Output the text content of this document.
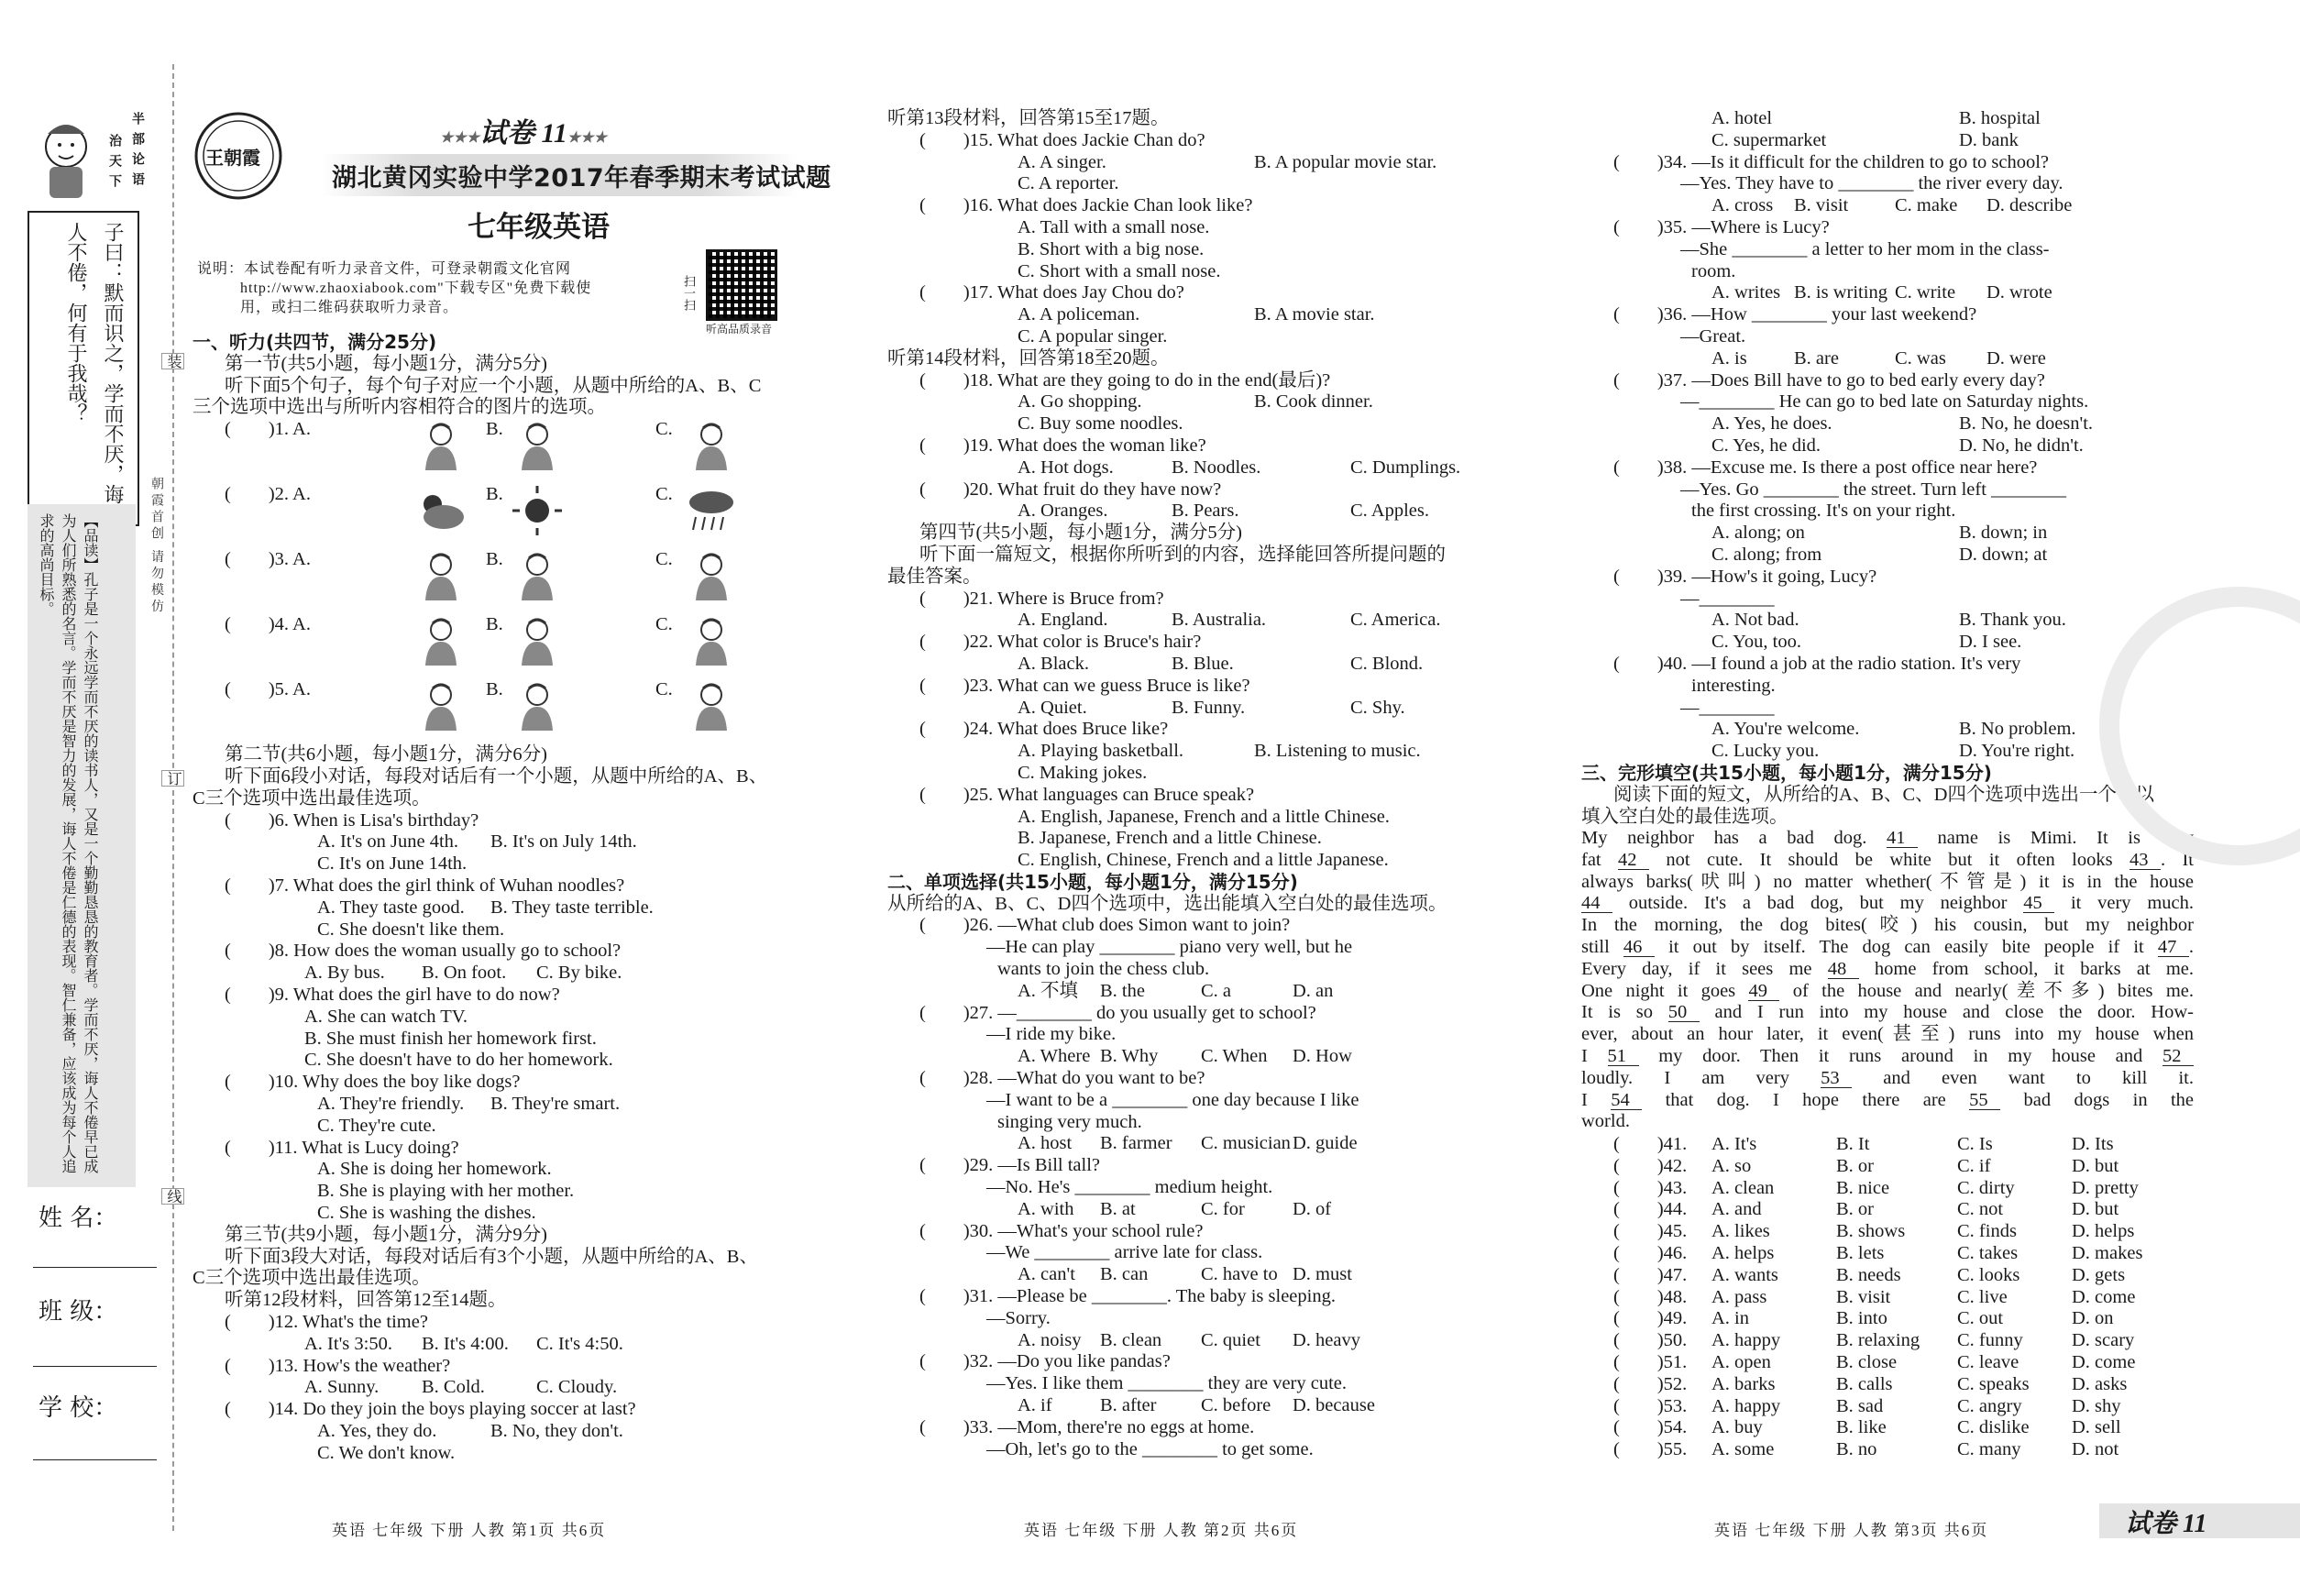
半部论语
治天下
子曰：默而识之，学而不厌，诲人不倦，何有于我哉？
【品读】孔子是一个永远学而不厌的读书人，又是一个勤勤恳恳的教育者。学而不厌，诲人不倦早已成为人们所熟悉的名言。学而不厌是智力的发展，诲人不倦是仁德的表现。智仁兼备，应该成为每个人追求的高尚目标。
姓 名：
班 级：
学 校：
装
订
线
朝霞首创 请勿模仿
王朝霞
★★★试卷 11★★★
湖北黄冈实验中学2017年春季期末考试试题
七年级英语
说明：本试卷配有听力录音文件，可登录朝霞文化官网
http://www.zhaoxiabook.com"下载专区"免费下载使
用，或扫二维码获取听力录音。	扫一扫
听高品质录音
一、听力(共四节，满分25分)
第一节(共5小题，每小题1分，满分5分)
听下面5个句子，每个句子对应一个小题，从题中所给的A、B、C
三个选项中选出与所听内容相符合的图片的选项。
(  )1. A.	B.	C.
(  )2. A.	B.	C.
(  )3. A.	B.	C.
(  )4. A.	B.	C.
(  )5. A.	B.	C.
第二节(共6小题，每小题1分，满分6分)
听下面6段小对话，每段对话后有一个小题，从题中所给的A、B、
C三个选项中选出最佳选项。
(  )6. When is Lisa's birthday?
A. It's on June 4th. B. It's on July 14th.
C. It's on June 14th.
(  )7. What does the girl think of Wuhan noodles?
A. They taste good. B. They taste terrible.
C. She doesn't like them.
(  )8. How does the woman usually go to school?
A. By bus. B. On foot. C. By bike.
(  )9. What does the girl have to do now?
A. She can watch TV.
B. She must finish her homework first.
C. She doesn't have to do her homework.
(  )10. Why does the boy like dogs?
A. They're friendly. B. They're smart.
C. They're cute.
(  )11. What is Lucy doing?
A. She is doing her homework.
B. She is playing with her mother.
C. She is washing the dishes.
第三节(共9小题，每小题1分，满分9分)
听下面3段大对话，每段对话后有3个小题，从题中所给的A、B、
C三个选项中选出最佳选项。
听第12段材料，回答第12至14题。
(  )12. What's the time?
A. It's 3:50. B. It's 4:00. C. It's 4:50.
(  )13. How's the weather?
A. Sunny. B. Cold.	C. Cloudy.
(  )14. Do they join the boys playing soccer at last?
A. Yes, they do.	B. No, they don't.
C. We don't know.
听第13段材料，回答第15至17题。
(  )15. What does Jackie Chan do?
A. A singer.	B. A popular movie star.
C. A reporter.
(  )16. What does Jackie Chan look like?
A. Tall with a small nose.
B. Short with a big nose.
C. Short with a small nose.
(  )17. What does Jay Chou do?
A. A policeman.	B. A movie star.
C. A popular singer.
听第14段材料，回答第18至20题。
(  )18. What are they going to do in the end(最后)?
A. Go shopping.	B. Cook dinner.
C. Buy some noodles.
(  )19. What does the woman like?
A. Hot dogs.	B. Noodles.	C. Dumplings.
(  )20. What fruit do they have now?
A. Oranges.	B. Pears.	C. Apples.
第四节(共5小题，每小题1分，满分5分)
听下面一篇短文，根据你所听到的内容，选择能回答所提问题的
最佳答案。
(  )21. Where is Bruce from?
A. England.	B. Australia.	C. America.
(  )22. What color is Bruce's hair?
A. Black.	B. Blue.	C. Blond.
(  )23. What can we guess Bruce is like?
A. Quiet.	B. Funny.	C. Shy.
(  )24. What does Bruce like?
A. Playing basketball.	B. Listening to music.
C. Making jokes.
(  )25. What languages can Bruce speak?
A. English, Japanese, French and a little Chinese.
B. Japanese, French and a little Chinese.
C. English, Chinese, French and a little Japanese.
二、单项选择(共15小题，每小题1分，满分15分)
从所给的A、B、C、D四个选项中，选出能填入空白处的最佳选项。
(  )26. —What club does Simon want to join?
—He can play ________ piano very well, but he
wants to join the chess club.
A. 不填 B. the	C. a	D. an
(  )27. —________ do you usually get to school?
—I ride my bike.
A. Where B. Why C. When D. How
(  )28. —What do you want to be?
—I want to be a ________ one day because I like
singing very much.
A. host B. farmer C. musician D. guide
(  )29. —Is Bill tall?
—No. He's ________ medium height.
A. with B. at	C. for	D. of
(  )30. —What's your school rule?
—We ________ arrive late for class.
A. can't B. can	C. have to D. must
(  )31. —Please be ________. The baby is sleeping.
—Sorry.
A. noisy B. clean C. quiet D. heavy
(  )32. —Do you like pandas?
—Yes. I like them ________ they are very cute.
A. if	B. after C. before D. because
(  )33. —Mom, there're no eggs at home.
—Oh, let's go to the ________ to get some.
A. hotel	B. hospital
C. supermarket	D. bank
(  )34. —Is it difficult for the children to go to school?
—Yes. They have to ________ the river every day.
A. cross B. visit C. make D. describe
(  )35. —Where is Lucy?
—She ________ a letter to her mom in the class-
room.
A. writes B. is writing C. write D. wrote
(  )36. —How ________ your last weekend?
—Great.
A. is	B. are	C. was D. were
(  )37. —Does Bill have to go to bed early every day?
—________ He can go to bed late on Saturday nights.
A. Yes, he does.	B. No, he doesn't.
C. Yes, he did.	D. No, he didn't.
(  )38. —Excuse me. Is there a post office near here?
—Yes. Go ________ the street. Turn left ________
the first crossing. It's on your right.
A. along; on	B. down; in
C. along; from	D. down; at
(  )39. —How's it going, Lucy?
—________
A. Not bad.	B. Thank you.
C. You, too.	D. I see.
(  )40. —I found a job at the radio station. It's very
interesting.
—________
A. You're welcome.	B. No problem.
C. Lucky you.	D. You're right.
三、完形填空(共15小题，每小题1分，满分15分)
阅读下面的短文，从所给的A、B、C、D四个选项中选出一个可以
填入空白处的最佳选项。
My neighbor has a bad dog. 41 name is Mimi. It is very
fat 42 not cute. It should be white but it often looks 43 . It
always barks(吠叫) no matter whether(不管是) it is in the house
44 outside. It's a bad dog, but my neighbor 45 it very much.
In the morning, the dog bites(咬) his cousin, but my neighbor
still 46 it out by itself. The dog can easily bite people if it 47 .
Every day, if it sees me 48 home from school, it barks at me.
One night it goes 49 of the house and nearly(差不多) bites me.
It is so 50 and I run into my house and close the door. How-
ever, about an hour later, it even(甚至) runs into my house when
I 51 my door. Then it runs around in my house and 52
loudly. I am very 53 and even want to kill it.
I 54 that dog. I hope there are 55 bad dogs in the
world.
(  )41. A. It's	B. It	C. Is	D. Its
(  )42. A. so	B. or	C. if	D. but
(  )43. A. clean	B. nice	C. dirty	D. pretty
(  )44. A. and	B. or	C. not	D. but
(  )45. A. likes	B. shows	C. finds	D. helps
(  )46. A. helps	B. lets	C. takes	D. makes
(  )47. A. wants	B. needs	C. looks	D. gets
(  )48. A. pass	B. visit	C. live	D. come
(  )49. A. in	B. into	C. out	D. on
(  )50. A. happy	B. relaxing C. funny	D. scary
(  )51. A. open	B. close	C. leave	D. come
(  )52. A. barks	B. calls	C. speaks D. asks
(  )53. A. happy	B. sad	C. angry	D. shy
(  )54. A. buy	B. like	C. dislike D. sell
(  )55. A. some	B. no	C. many	D. not
英语 七年级 下册 人教 第1页 共6页	英语 七年级 下册 人教 第2页 共6页	英语 七年级 下册 人教 第3页 共6页	试卷 11
